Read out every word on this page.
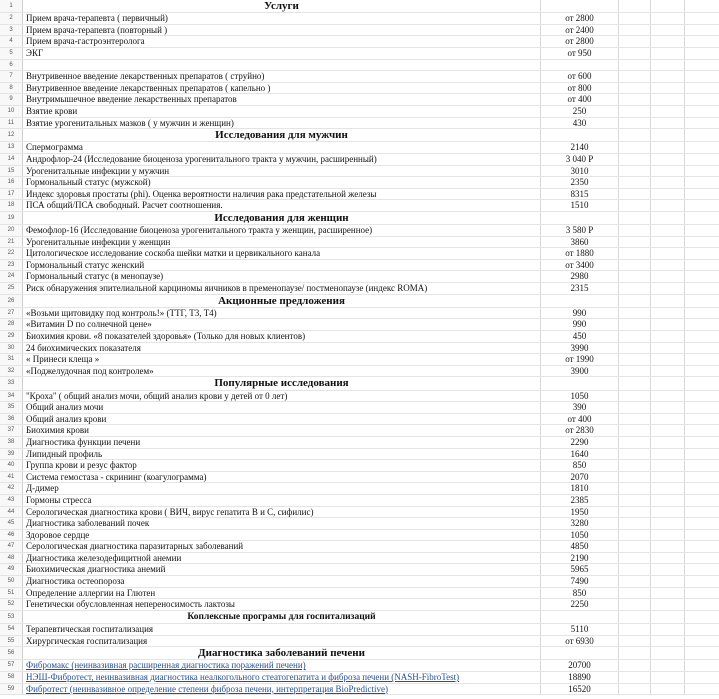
1	Услуги
2	Прием врача-терапевта ( первичный)	от 2800
3	Прием врача-терапевта (повторный )	от 2400
4	Прием врача-гастроэнтеролога	от 2800
5	ЭКГ	от 950
6
7	Внутривенное введение лекарственных препаратов ( струйно)	от 600
8	Внутривенное введение лекарственных препаратов ( капельно )	от 800
9	Внутримышечное введение лекарственных препаратов	от 400
10	Взятие крови	250
11	Взятие урогенитальных мазков ( у мужчин и женщин)	430
12	Исследования для мужчин
13	Спермограмма	2140
14	Андрофлор-24 (Исследование биоценоза урогенитального тракта у мужчин, расширенный)	3 040 Р
15	Урогенитальные инфекции у мужчин	3010
16	Гормональный статус (мужской)	2350
17	Индекс здоровья простаты (phi). Оценка вероятности наличия рака предстательной железы	8315
18	ПСА общий/ПСА свободный. Расчет соотношения.	1510
19	Исследования для женщин
20	Фемофлор-16 (Исследование биоценоза урогенитального тракта у женщин, расширенное)	3 580 Р
21	Урогенитальные инфекции у женщин	3860
22	Цитологическое исследование соскоба шейки матки и цервикального канала	от 1880
23	Гормональный статус женский	от 3400
24	Гормональный статус (в менопаузе)	2980
25	Риск обнаружения эпителиальной карциномы яичников в пременопаузе/ постменопаузе (индекс ROMA)	2315
26	Акционные предложения
27	«Возьми щитовидку под контроль!» (ТТГ, Т3, Т4)	990
28	«Витамин D по солнечной цене»	990
29	Биохимия крови. «8 показателей здоровья» (Только для новых клиентов)	450
30	24 биохимических показателя	3990
31	« Принеси клеща »	от 1990
32	«Поджелудочная под контролем»	3900
33	Популярные исследования
34	"Кроха" ( общий анализ мочи, общий анализ крови у детей от 0 лет)	1050
35	Общий анализ мочи	390
36	Общий анализ крови	от 400
37	Биохимия крови	от 2830
38	Диагностика функции печени	2290
39	Липидный профиль	1640
40	Группа крови и резус фактор	850
41	Система гемостаза - скрининг (коагулограмма)	2070
42	Д-димер	1810
43	Гормоны стресса	2385
44	Серологическая диагностика крови ( ВИЧ, вирус гепатита В и С, сифилис)	1950
45	Диагностика заболеваний почек	3280
46	Здоровое сердце	1050
47	Серологическая диагностика паразитарных заболеваний	4850
48	Диагностика железодефицитной анемии	2190
49	Биохимическая диагностика анемий	5965
50	Диагностика остеопороза	7490
51	Определение аллергии на Глютен	850
52	Генетически обусловленная непереносимость лактозы	2250
53	Коплексные програмы для госпитализаций
54	Терапевтическая госпитализация	5110
55	Хирургическая госпитализация	от 6930
56	Диагностика заболеваний печени
57	Фибромакс (неинвазивная расширенная диагностика поражений печени)	20700
58	НЭШ-Фибротест, неинвазивная диагностика неалкогольного стеатогепатита и фиброза печени (NASH-FibroTest)	18890
59	Фибротест (неинвазивное определение степени фиброза печени, интерпретация BioPredictive)	16520
